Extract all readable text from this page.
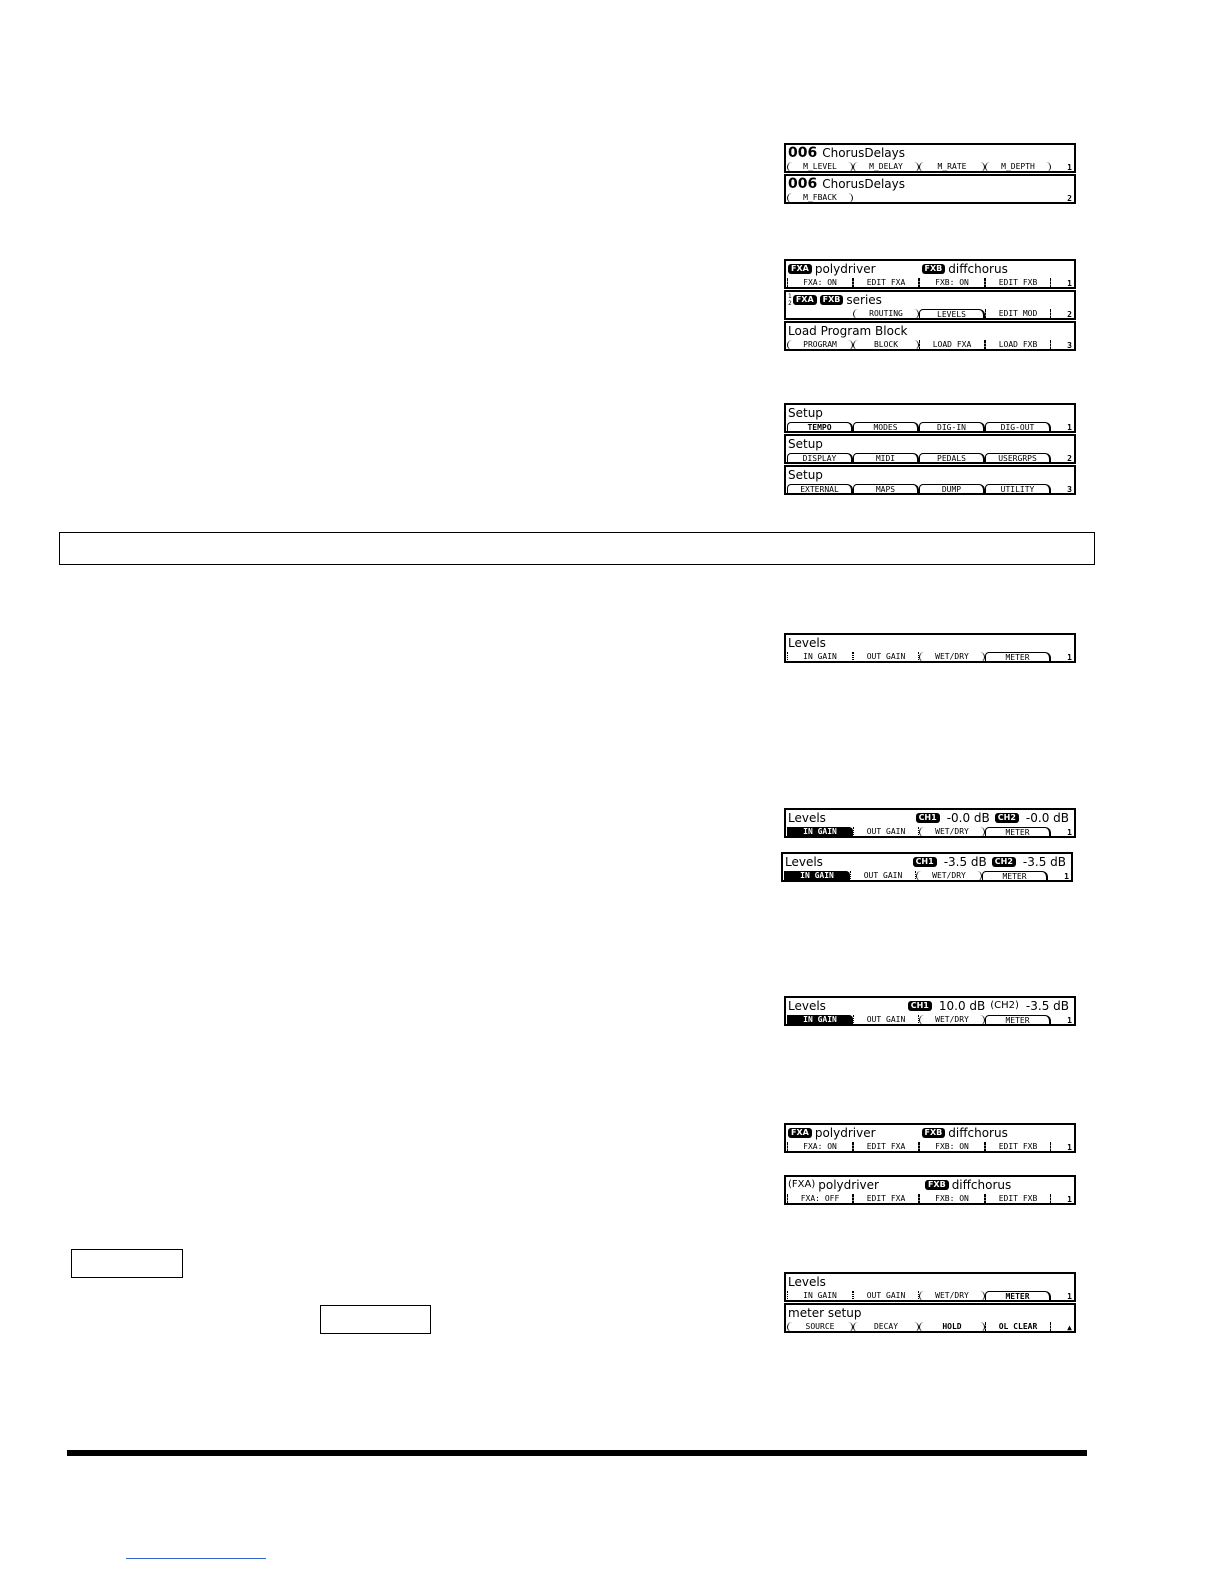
006 ChorusDelays
M_LEVEL	M_DELAY	M_RATE	M_DEPTH	1
006 ChorusDelays
M_FBACK	2
FXA polydriver	FXB diffchorus
FXA: ON	EDIT FXA	FXB: ON	EDIT FXB	1
1
2 FXA	FXB series
ROUTING	LEVELS	EDIT MOD	2
Load Program Block
PROGRAM	BLOCK	LOAD FXA	LOAD FXB	3
Setup
TEMPO	MODES	DIG-IN	DIG-OUT	1
Setup
DISPLAY	MIDI	PEDALS	USERGRPS	2
Setup
EXTERNAL	MAPS	DUMP	UTILITY	3
Levels
IN GAIN	OUT GAIN	WET/DRY	METER	1
Levels	CH1 -0.0 dB	CH2 -0.0 dB
IN GAIN	OUT GAIN	WET/DRY	METER	1
Levels	CH1 -3.5 dB	CH2 -3.5 dB
IN GAIN	OUT GAIN	WET/DRY	METER	1
Levels	CH1 10.0 dB (CH2) -3.5 dB
IN GAIN	OUT GAIN	WET/DRY	METER	1
FXA polydriver	FXB diffchorus
FXA: ON	EDIT FXA	FXB: ON	EDIT FXB	1
(FXA) polydriver	FXB diffchorus
FXA: OFF	EDIT FXA	FXB: ON	EDIT FXB	1
Levels
IN GAIN	OUT GAIN	WET/DRY	METER	1
meter setup
SOURCE	DECAY	HOLD	OL CLEAR	▲
